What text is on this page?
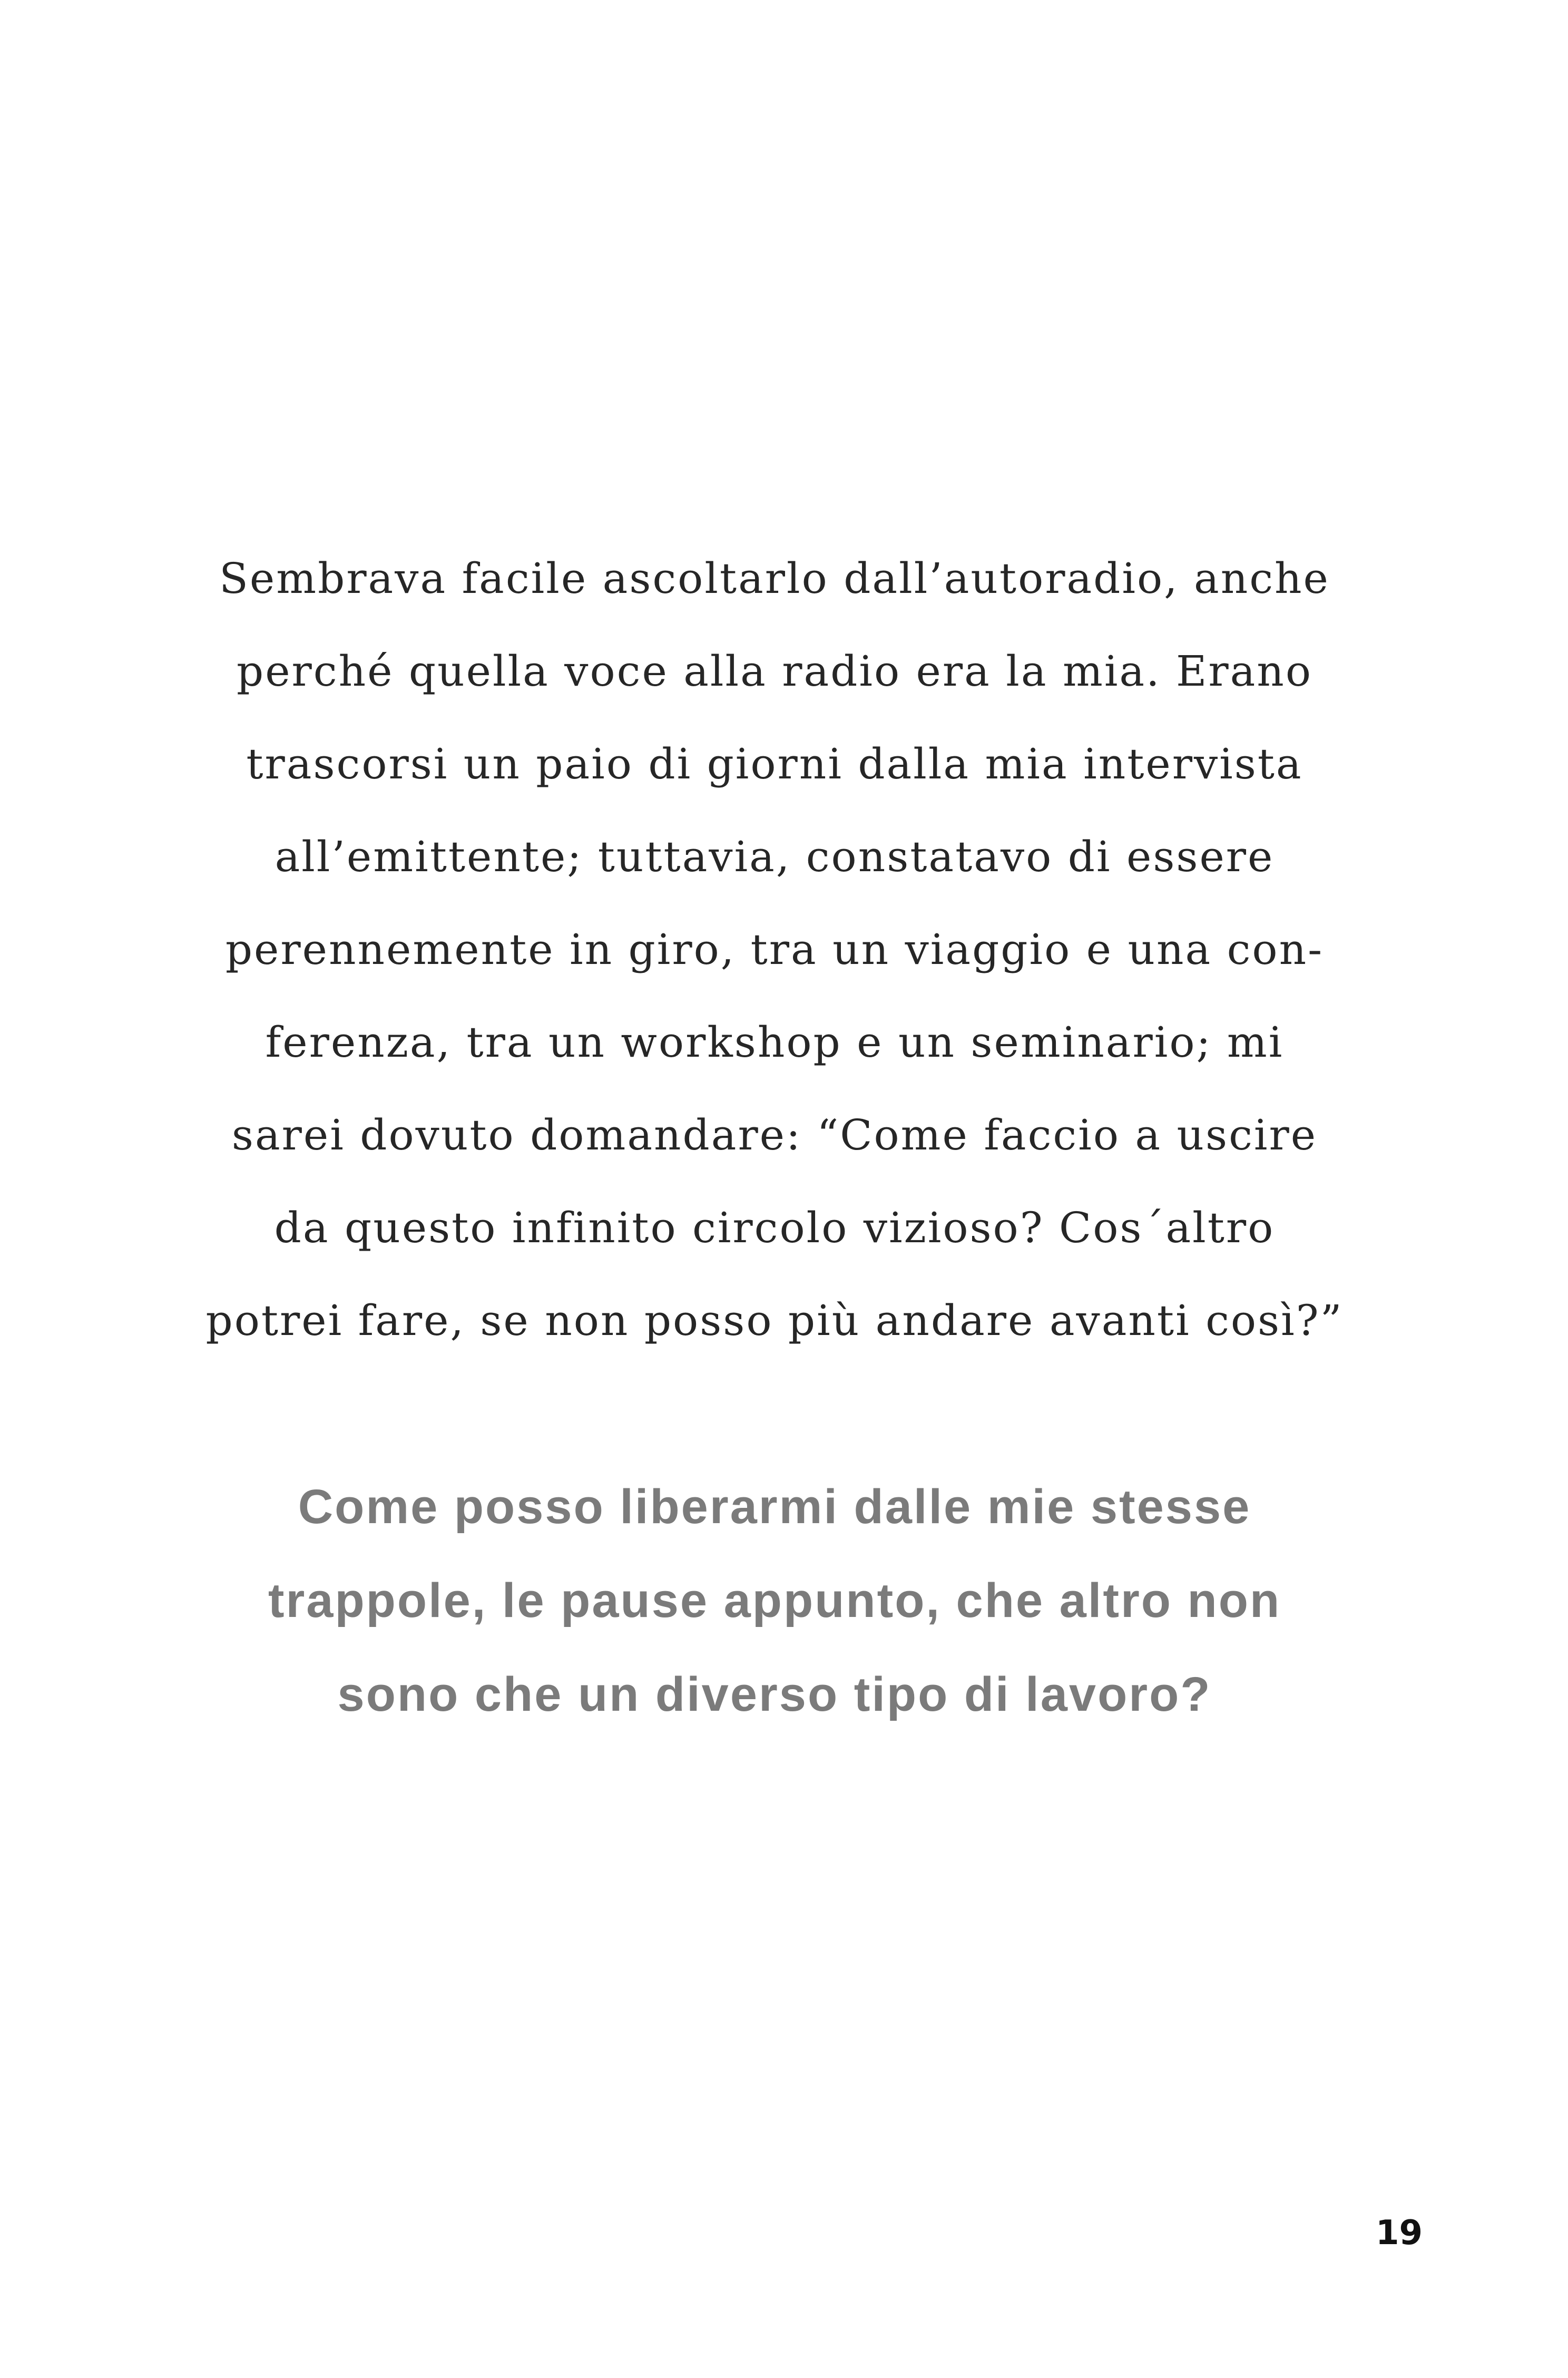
Sembrava facile ascoltarlo dall’autoradio, anche
perché quella voce alla radio era la mia. Erano
trascorsi un paio di giorni dalla mia intervista
all’emittente; tuttavia, constatavo di essere
perennemente in giro, tra un viaggio e una con-
ferenza, tra un workshop e un seminario; mi
sarei dovuto domandare: “Come faccio a uscire
da questo infinito circolo vizioso? Cos´altro
potrei fare, se non posso più andare avanti così?”
Come posso liberarmi dalle mie stesse
trappole, le pause appunto, che altro non
sono che un diverso tipo di lavoro?
19
